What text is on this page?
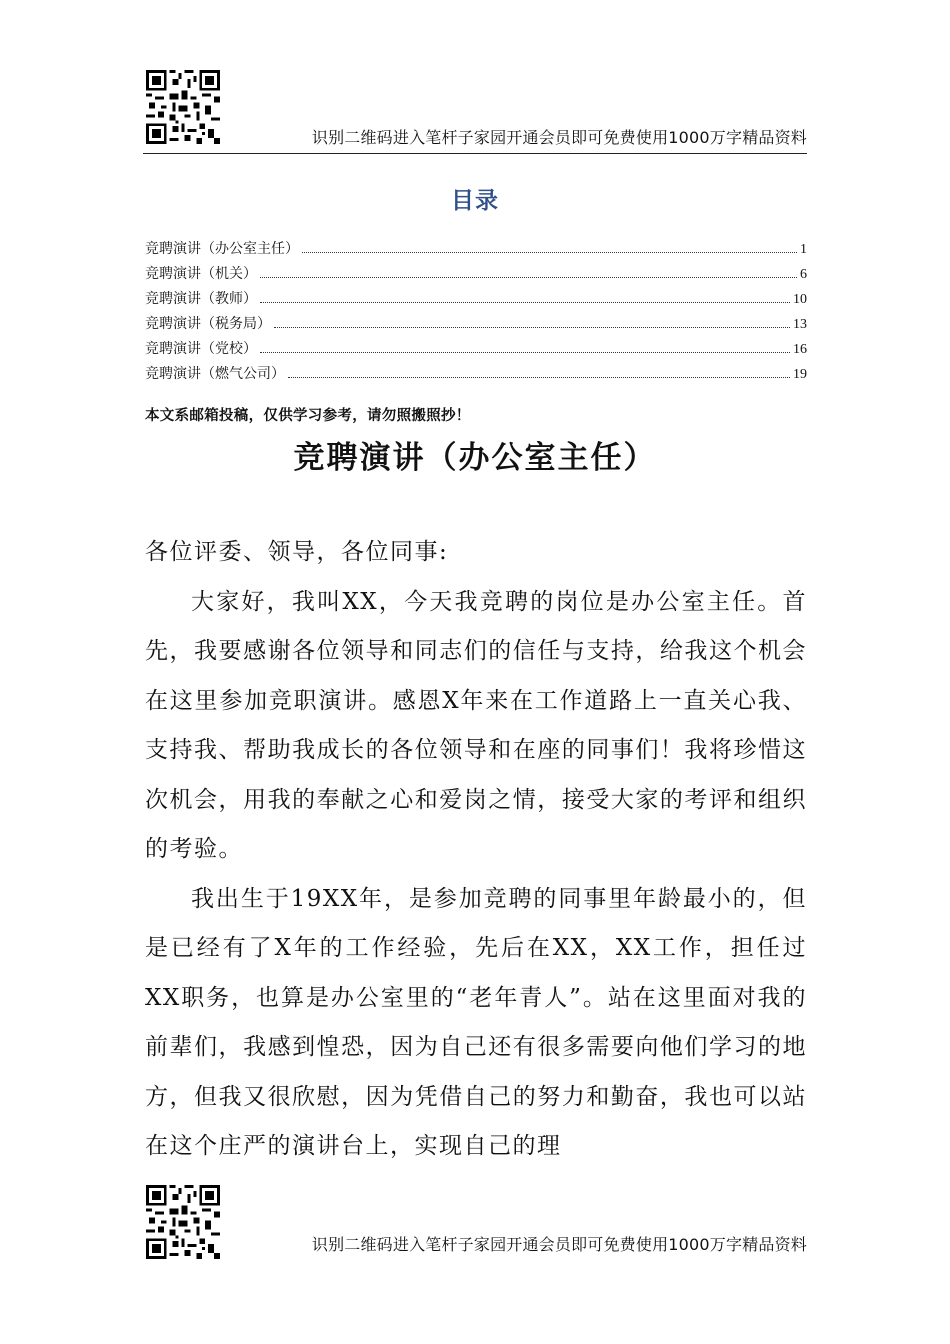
识别二维码进入笔杆子家园开通会员即可免费使用1000万字精品资料
目录
竞聘演讲（办公室主任）	1
竞聘演讲（机关）	6
竞聘演讲（教师）	10
竞聘演讲（税务局）	13
竞聘演讲（党校）	16
竞聘演讲（燃气公司）	19
本文系邮箱投稿，仅供学习参考，请勿照搬照抄！
竞聘演讲（办公室主任）

各位评委、领导，各位同事:

大家好，我叫XX，今天我竞聘的岗位是办公室主任。首先，我要感谢各位领导和同志们的信任与支持，给我这个机会在这里参加竞职演讲。感恩X年来在工作道路上一直关心我、支持我、帮助我成长的各位领导和在座的同事们！我将珍惜这次机会，用我的奉献之心和爱岗之情，接受大家的考评和组织的考验。

我出生于19XX年，是参加竞聘的同事里年龄最小的，但是已经有了X年的工作经验，先后在XX，XX工作，担任过XX职务，也算是办公室里的“老年青人”。站在这里面对我的前辈们，我感到惶恐，因为自己还有很多需要向他们学习的地方，但我又很欣慰，因为凭借自己的努力和勤奋，我也可以站在这个庄严的演讲台上，实现自己的理

识别二维码进入笔杆子家园开通会员即可免费使用1000万字精品资料
